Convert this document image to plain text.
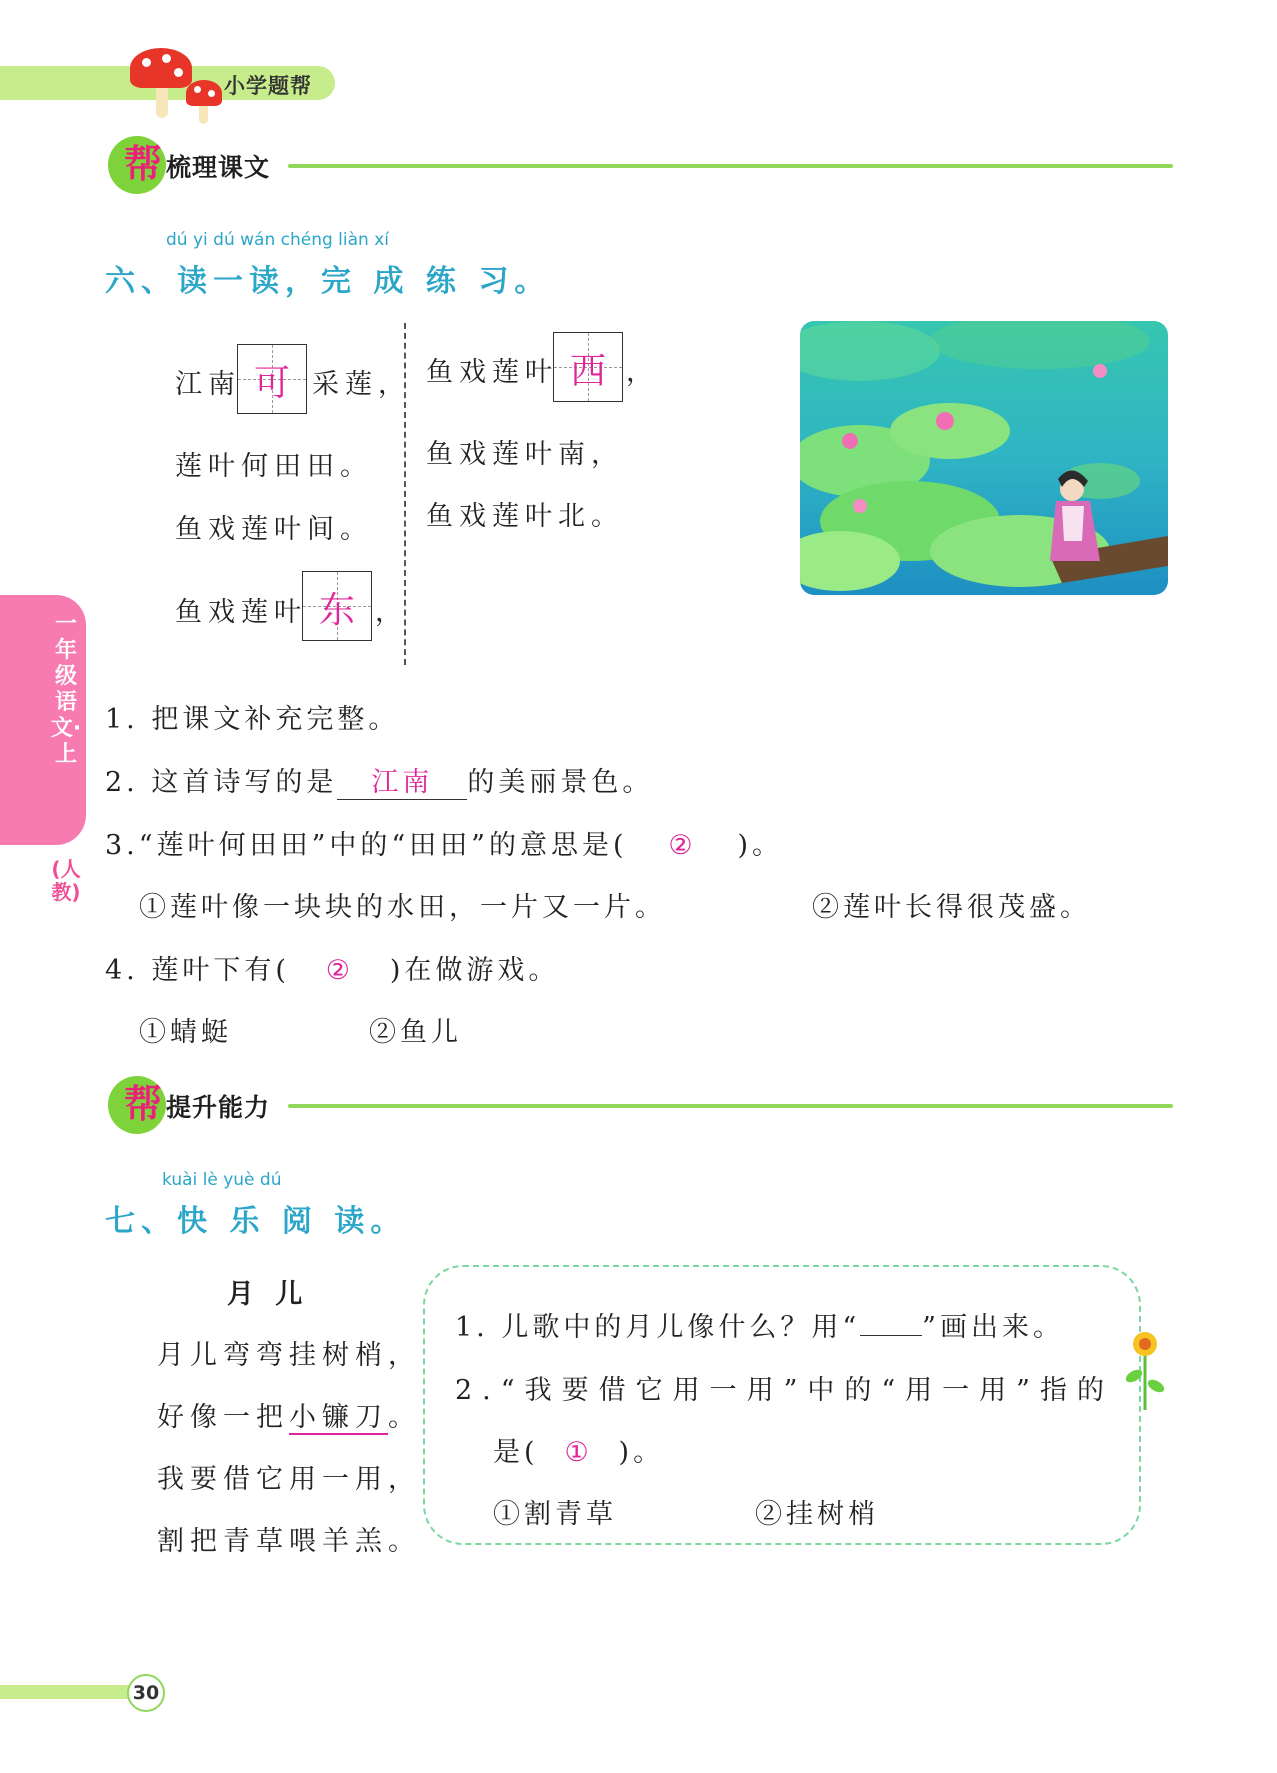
小学题帮
帮 梳理课文
dú yi dú wán chéng liàn xí
六、读一读，完 成 练 习。
江南 可 采莲，
莲叶何田田。
鱼戏莲叶间。
鱼戏莲叶 东 ，
鱼戏莲叶 西 ，
鱼戏莲叶南，
鱼戏莲叶北。
1. 把课文补充完整。
2. 这首诗写的是 江南 的美丽景色。
3.“莲叶何田田”中的“田田”的意思是( ② )。
①莲叶像一块块的水田，一片又一片。	②莲叶长得很茂盛。
4. 莲叶下有( ② )在做游戏。
①蜻蜓	②鱼儿
帮 提升能力
kuài lè yuè dú
七、快 乐 阅 读。
月 儿
月儿弯弯挂树梢，
好像一把小镰刀。
我要借它用一用，
割把青草喂羊羔。
1. 儿歌中的月儿像什么？用“ ”画出来。
2.“我要借它用一用”中的“用一用”指的
是( ① )。
①割青草	②挂树梢
一年级语文·上
(人教)
30
